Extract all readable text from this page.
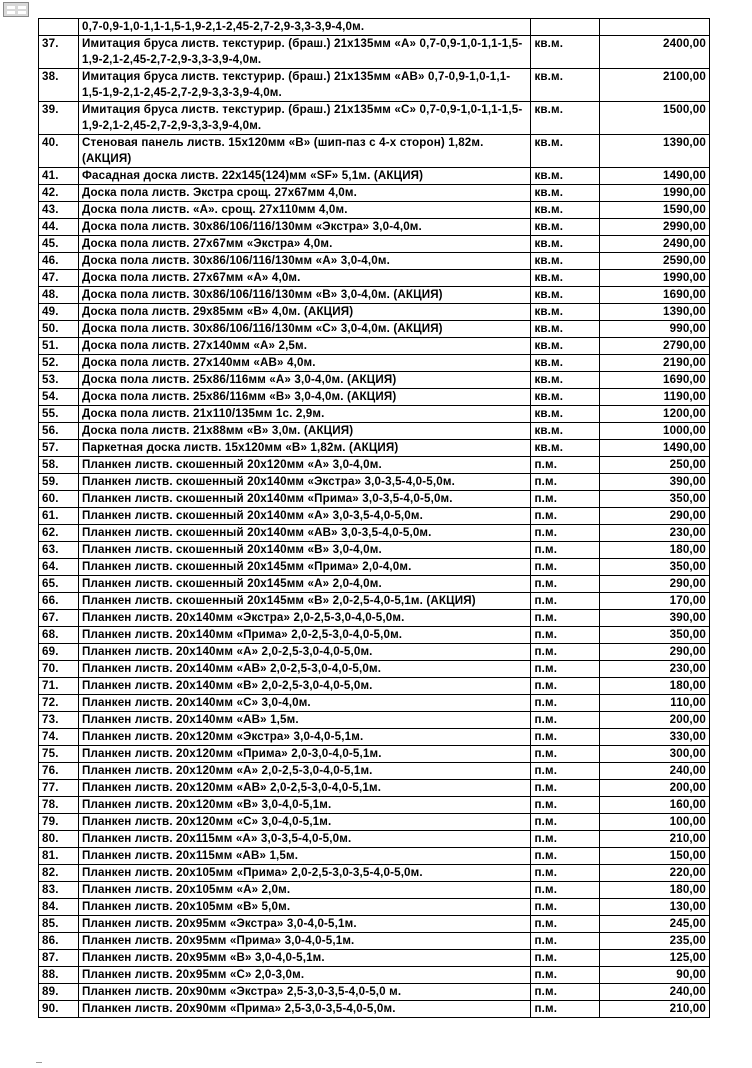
	0,7-0,9-1,0-1,1-1,5-1,9-2,1-2,45-2,7-2,9-3,3-3,9-4,0м.		
37.	Имитация бруса листв. текстурир. (браш.) 21х135мм «А» 0,7-0,9-1,0-1,1-1,5-1,9-2,1-2,45-2,7-2,9-3,3-3,9-4,0м.	кв.м.	2400,00
38.	Имитация бруса листв. текстурир. (браш.) 21х135мм «АВ» 0,7-0,9-1,0-1,1-1,5-1,9-2,1-2,45-2,7-2,9-3,3-3,9-4,0м.	кв.м.	2100,00
39.	Имитация бруса листв. текстурир. (браш.) 21х135мм «С» 0,7-0,9-1,0-1,1-1,5-1,9-2,1-2,45-2,7-2,9-3,3-3,9-4,0м.	кв.м.	1500,00
40.	Стеновая панель листв. 15х120мм «В» (шип-паз с 4-х сторон) 1,82м. (АКЦИЯ)	кв.м.	1390,00
41.	Фасадная доска листв. 22х145(124)мм «SF» 5,1м. (АКЦИЯ)	кв.м.	1490,00
42.	Доска пола листв. Экстра срощ. 27х67мм 4,0м.	кв.м.	1990,00
43.	Доска пола листв. «А». срощ. 27х110мм 4,0м.	кв.м.	1590,00
44.	Доска пола листв. 30х86/106/116/130мм «Экстра» 3,0-4,0м.	кв.м.	2990,00
45.	Доска пола листв. 27х67мм «Экстра» 4,0м.	кв.м.	2490,00
46.	Доска пола листв. 30х86/106/116/130мм «А» 3,0-4,0м.	кв.м.	2590,00
47.	Доска пола листв. 27х67мм «А» 4,0м.	кв.м.	1990,00
48.	Доска пола листв. 30х86/106/116/130мм «В» 3,0-4,0м. (АКЦИЯ)	кв.м.	1690,00
49.	Доска пола листв. 29х85мм «В» 4,0м. (АКЦИЯ)	кв.м.	1390,00
50.	Доска пола листв. 30х86/106/116/130мм «С» 3,0-4,0м. (АКЦИЯ)	кв.м.	990,00
51.	Доска пола листв. 27х140мм «А» 2,5м.	кв.м.	2790,00
52.	Доска пола листв. 27х140мм «АВ» 4,0м.	кв.м.	2190,00
53.	Доска пола листв. 25х86/116мм «А» 3,0-4,0м. (АКЦИЯ)	кв.м.	1690,00
54.	Доска пола листв. 25х86/116мм «В» 3,0-4,0м. (АКЦИЯ)	кв.м.	1190,00
55.	Доска пола листв. 21х110/135мм 1с. 2,9м.	кв.м.	1200,00
56.	Доска пола листв. 21х88мм «В» 3,0м. (АКЦИЯ)	кв.м.	1000,00
57.	Паркетная доска листв. 15х120мм «В» 1,82м. (АКЦИЯ)	кв.м.	1490,00
58.	Планкен листв. скошенный 20х120мм «А» 3,0-4,0м.	п.м.	250,00
59.	Планкен листв. скошенный 20х140мм «Экстра» 3,0-3,5-4,0-5,0м.	п.м.	390,00
60.	Планкен листв. скошенный 20х140мм «Прима» 3,0-3,5-4,0-5,0м.	п.м.	350,00
61.	Планкен листв. скошенный 20х140мм «А» 3,0-3,5-4,0-5,0м.	п.м.	290,00
62.	Планкен листв. скошенный 20х140мм «АВ» 3,0-3,5-4,0-5,0м.	п.м.	230,00
63.	Планкен листв. скошенный 20х140мм «В» 3,0-4,0м.	п.м.	180,00
64.	Планкен листв. скошенный 20х145мм «Прима» 2,0-4,0м.	п.м.	350,00
65.	Планкен листв. скошенный 20х145мм «А» 2,0-4,0м.	п.м.	290,00
66.	Планкен листв. скошенный 20х145мм «В» 2,0-2,5-4,0-5,1м. (АКЦИЯ)	п.м.	170,00
67.	Планкен листв. 20х140мм «Экстра» 2,0-2,5-3,0-4,0-5,0м.	п.м.	390,00
68.	Планкен листв. 20х140мм «Прима» 2,0-2,5-3,0-4,0-5,0м.	п.м.	350,00
69.	Планкен листв. 20х140мм «А» 2,0-2,5-3,0-4,0-5,0м.	п.м.	290,00
70.	Планкен листв. 20х140мм «АВ» 2,0-2,5-3,0-4,0-5,0м.	п.м.	230,00
71.	Планкен листв. 20х140мм «В» 2,0-2,5-3,0-4,0-5,0м.	п.м.	180,00
72.	Планкен листв. 20х140мм «С» 3,0-4,0м.	п.м.	110,00
73.	Планкен листв. 20х140мм «АВ» 1,5м.	п.м.	200,00
74.	Планкен листв. 20х120мм «Экстра» 3,0-4,0-5,1м.	п.м.	330,00
75.	Планкен листв. 20х120мм «Прима» 2,0-3,0-4,0-5,1м.	п.м.	300,00
76.	Планкен листв. 20х120мм «А» 2,0-2,5-3,0-4,0-5,1м.	п.м.	240,00
77.	Планкен листв. 20х120мм «АВ» 2,0-2,5-3,0-4,0-5,1м.	п.м.	200,00
78.	Планкен листв. 20х120мм «В» 3,0-4,0-5,1м.	п.м.	160,00
79.	Планкен листв. 20х120мм «С» 3,0-4,0-5,1м.	п.м.	100,00
80.	Планкен листв. 20х115мм «А» 3,0-3,5-4,0-5,0м.	п.м.	210,00
81.	Планкен листв. 20х115мм «АВ» 1,5м.	п.м.	150,00
82.	Планкен листв. 20х105мм «Прима» 2,0-2,5-3,0-3,5-4,0-5,0м.	п.м.	220,00
83.	Планкен листв. 20х105мм «А» 2,0м.	п.м.	180,00
84.	Планкен листв. 20х105мм «В» 5,0м.	п.м.	130,00
85.	Планкен листв. 20х95мм «Экстра» 3,0-4,0-5,1м.	п.м.	245,00
86.	Планкен листв. 20х95мм «Прима» 3,0-4,0-5,1м.	п.м.	235,00
87.	Планкен листв. 20х95мм «В» 3,0-4,0-5,1м.	п.м.	125,00
88.	Планкен листв. 20х95мм «С» 2,0-3,0м.	п.м.	90,00
89.	Планкен листв. 20х90мм «Экстра» 2,5-3,0-3,5-4,0-5,0 м.	п.м.	240,00
90.	Планкен листв. 20х90мм «Прима» 2,5-3,0-3,5-4,0-5,0м.	п.м.	210,00
